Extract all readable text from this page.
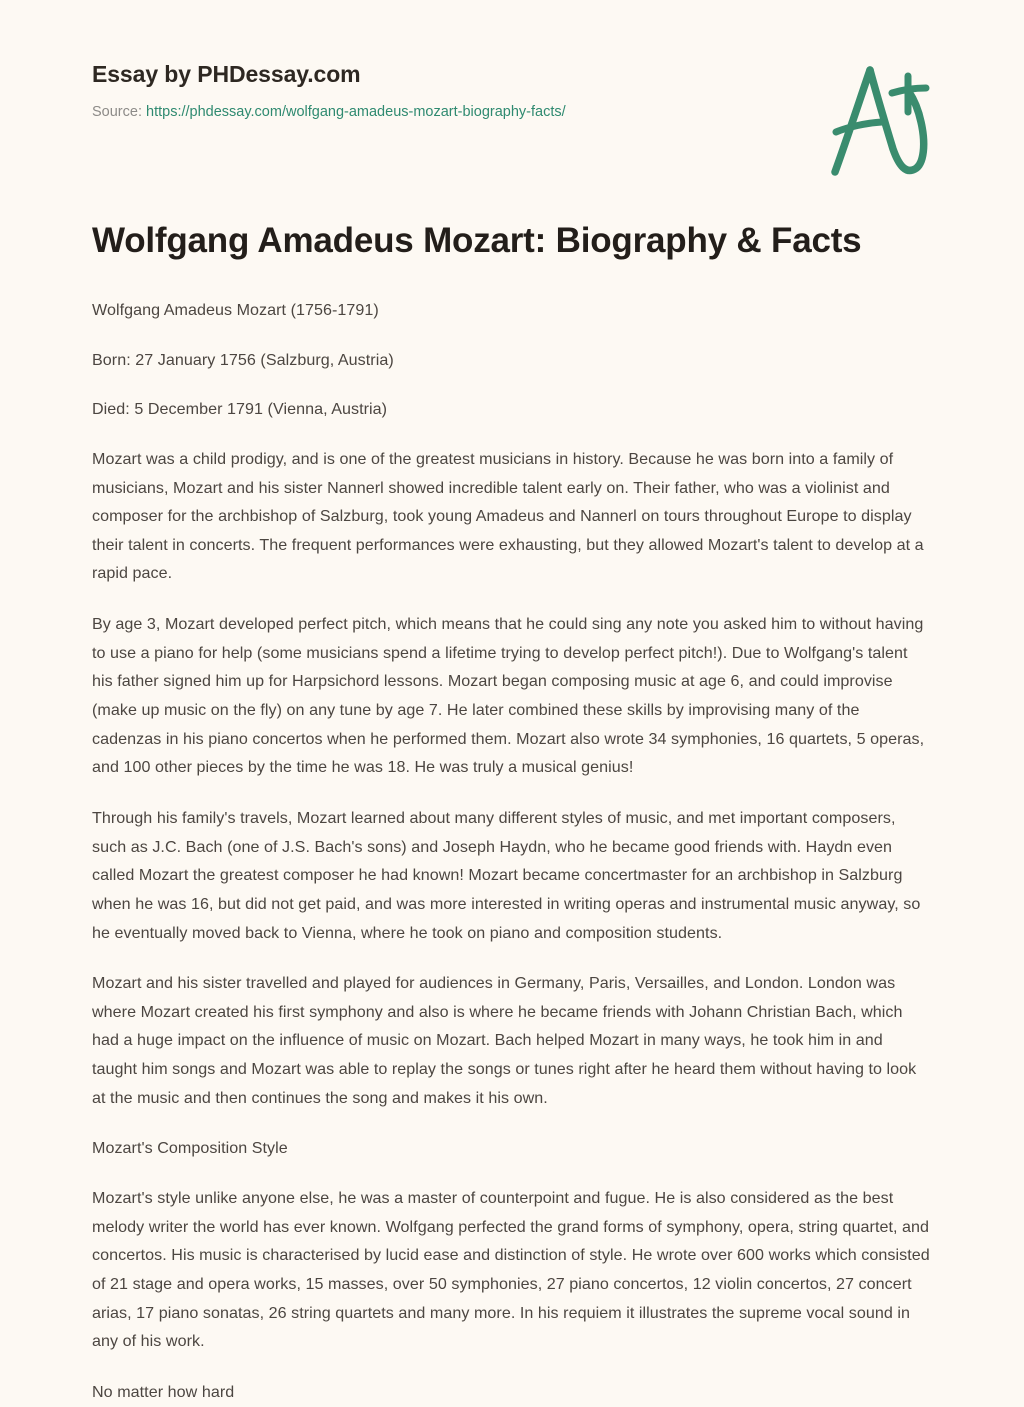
Essay by PHDessay.com
Source: https://phdessay.com/wolfgang-amadeus-mozart-biography-facts/
Wolfgang Amadeus Mozart: Biography & Facts

Wolfgang Amadeus Mozart (1756-1791)

Born: 27 January 1756 (Salzburg, Austria)

Died: 5 December 1791 (Vienna, Austria)

Mozart was a child prodigy, and is one of the greatest musicians in history. Because he was born into a family of musicians, Mozart and his sister Nannerl showed incredible talent early on. Their father, who was a violinist and composer for the archbishop of Salzburg, took young Amadeus and Nannerl on tours throughout Europe to display their talent in concerts. The frequent performances were exhausting, but they allowed Mozart's talent to develop at a rapid pace.

By age 3, Mozart developed perfect pitch, which means that he could sing any note you asked him to without having to use a piano for help (some musicians spend a lifetime trying to develop perfect pitch!). Due to Wolfgang's talent his father signed him up for Harpsichord lessons. Mozart began composing music at age 6, and could improvise (make up music on the fly) on any tune by age 7. He later combined these skills by improvising many of the cadenzas in his piano concertos when he performed them. Mozart also wrote 34 symphonies, 16 quartets, 5 operas, and 100 other pieces by the time he was 18. He was truly a musical genius!

Through his family's travels, Mozart learned about many different styles of music, and met important composers, such as J.C. Bach (one of J.S. Bach's sons) and Joseph Haydn, who he became good friends with. Haydn even called Mozart the greatest composer he had known! Mozart became concertmaster for an archbishop in Salzburg when he was 16, but did not get paid, and was more interested in writing operas and instrumental music anyway, so he eventually moved back to Vienna, where he took on piano and composition students.

Mozart and his sister travelled and played for audiences in Germany, Paris, Versailles, and London. London was where Mozart created his first symphony and also is where he became friends with Johann Christian Bach, which had a huge impact on the influence of music on Mozart. Bach helped Mozart in many ways, he took him in and taught him songs and Mozart was able to replay the songs or tunes right after he heard them without having to look at the music and then continues the song and makes it his own.

Mozart's Composition Style

Mozart's style unlike anyone else, he was a master of counterpoint and fugue. He is also considered as the best melody writer the world has ever known. Wolfgang perfected the grand forms of symphony, opera, string quartet, and concertos. His music is characterised by lucid ease and distinction of style. He wrote over 600 works which consisted of 21 stage and opera works, 15 masses, over 50 symphonies, 27 piano concertos, 12 violin concertos, 27 concert arias, 17 piano sonatas, 26 string quartets and many more. In his requiem it illustrates the supreme vocal sound in any of his work.

No matter how hard
